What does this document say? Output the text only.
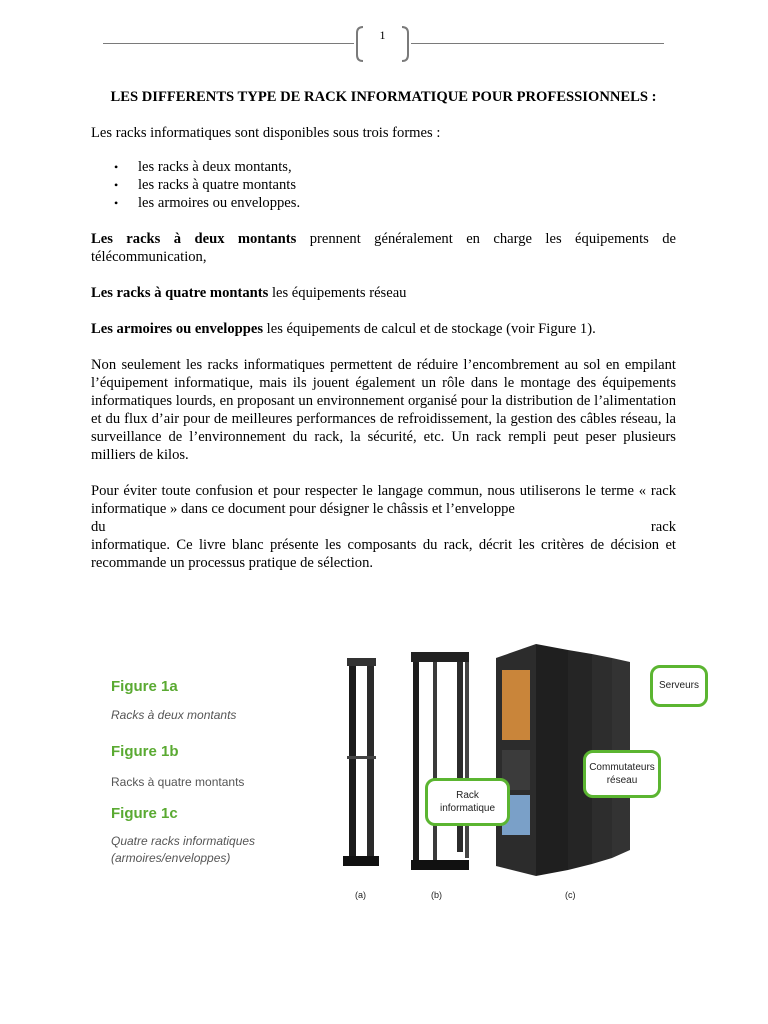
1

LES DIFFERENTS TYPE DE RACK INFORMATIQUE POUR PROFESSIONNELS :

Les racks informatiques sont disponibles sous trois formes :

• les racks à deux montants,
• les racks à quatre montants
• les armoires ou enveloppes.

Les racks à deux montants prennent généralement en charge les équipements de télécommunication,

Les racks à quatre montants les équipements réseau

Les armoires ou enveloppes les équipements de calcul et de stockage (voir Figure 1).

Non seulement les racks informatiques permettent de réduire l’encombrement au sol en empilant l’équipement informatique, mais ils jouent également un rôle dans le montage des équipements informatiques lourds, en proposant un environnement organisé pour la distribution de l’alimentation et du flux d’air pour de meilleures performances de refroidissement, la gestion des câbles réseau, la surveillance de l’environnement du rack, la sécurité, etc. Un rack rempli peut peser plusieurs milliers de kilos.

Pour éviter toute confusion et pour respecter le langage commun, nous utiliserons le terme « rack informatique » dans ce document pour désigner le châssis et l’enveloppe

du	rack

informatique. Ce livre blanc présente les composants du rack, décrit les critères de décision et recommande un processus pratique de sélection.

Figure 1a
Racks à deux montants
Figure 1b
Racks à quatre montants
Figure 1c
Quatre racks informatiques
(armoires/enveloppes)
Serveurs
Commutateurs
réseau
Rack
informatique
(a)	(b)	(c)
